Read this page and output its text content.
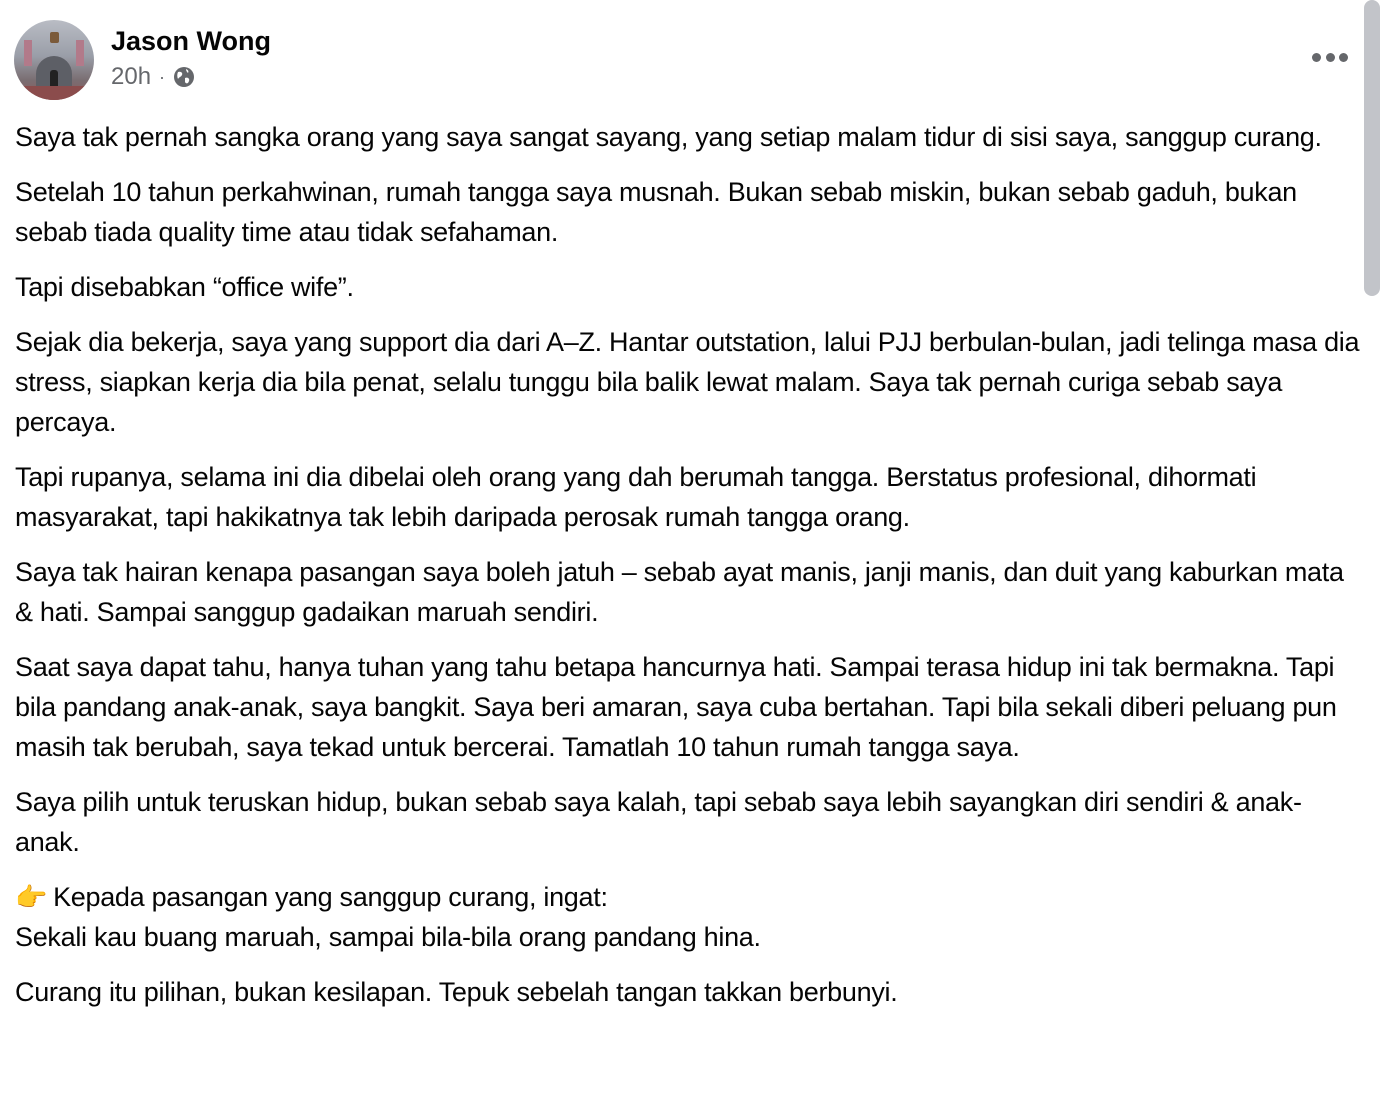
Jason Wong
20h ·

Saya tak pernah sangka orang yang saya sangat sayang, yang setiap malam tidur di sisi saya, sanggup curang.

Setelah 10 tahun perkahwinan, rumah tangga saya musnah. Bukan sebab miskin, bukan sebab gaduh, bukan sebab tiada quality time atau tidak sefahaman.

Tapi disebabkan “office wife”.

Sejak dia bekerja, saya yang support dia dari A–Z. Hantar outstation, lalui PJJ berbulan-bulan, jadi telinga masa dia stress, siapkan kerja dia bila penat, selalu tunggu bila balik lewat malam. Saya tak pernah curiga sebab saya percaya.

Tapi rupanya, selama ini dia dibelai oleh orang yang dah berumah tangga. Berstatus profesional, dihormati masyarakat, tapi hakikatnya tak lebih daripada perosak rumah tangga orang.

Saya tak hairan kenapa pasangan saya boleh jatuh – sebab ayat manis, janji manis, dan duit yang kaburkan mata & hati. Sampai sanggup gadaikan maruah sendiri.

Saat saya dapat tahu, hanya tuhan yang tahu betapa hancurnya hati. Sampai terasa hidup ini tak bermakna. Tapi bila pandang anak-anak, saya bangkit. Saya beri amaran, saya cuba bertahan. Tapi bila sekali diberi peluang pun masih tak berubah, saya tekad untuk bercerai. Tamatlah 10 tahun rumah tangga saya.

Saya pilih untuk teruskan hidup, bukan sebab saya kalah, tapi sebab saya lebih sayangkan diri sendiri & anak-anak.

👉 Kepada pasangan yang sanggup curang, ingat:
Sekali kau buang maruah, sampai bila-bila orang pandang hina.

Curang itu pilihan, bukan kesilapan. Tepuk sebelah tangan takkan berbunyi.
